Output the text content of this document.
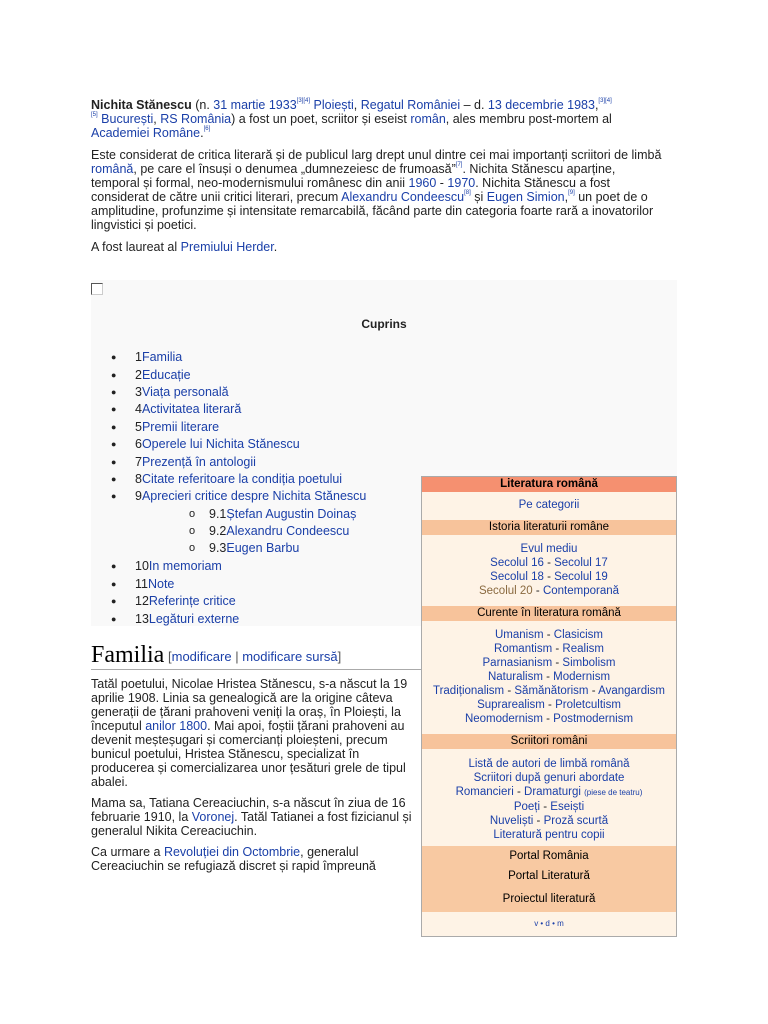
Nichita Stănescu (n. 31 martie 1933[3][4] Ploiești, Regatul României – d. 13 decembrie 1983,[3][4]
[5] București, RS România) a fost un poet, scriitor și eseist român, ales membru post-mortem al Academiei Române.[6]

Este considerat de critica literară și de publicul larg drept unul dintre cei mai importanți scriitori de limbă română, pe care el însuși o denumea „dumnezeiesc de frumoasă”[7]. Nichita Stănescu aparține, temporal și formal, neo-modernismului românesc din anii 1960 - 1970. Nichita Stănescu a fost considerat de către unii critici literari, precum Alexandru Condeescu[8] și Eugen Simion,[9] un poet de o amplitudine, profunzime și intensitate remarcabilă, făcând parte din categoria foarte rară a inovatorilor lingvistici și poetici.

A fost laureat al Premiului Herder.

Cuprins
● 1Familia
● 2Educație
● 3Viața personală
● 4Activitatea literară
● 5Premii literare
● 6Operele lui Nichita Stănescu
● 7Prezență în antologii
● 8Citate referitoare la condiția poetului
● 9Aprecieri critice despre Nichita Stănescu
● 10In memoriam
● 11Note
● 12Referințe critice
● 13Legături externe
o 9.1Ștefan Augustin Doinaș
o 9.2Alexandru Condeescu
o 9.3Eugen Barbu
Familia [modificare | modificare sursă]

Tatăl poetului, Nicolae Hristea Stănescu, s-a născut la 19 aprilie 1908. Linia sa genealogică are la origine câteva generații de țărani prahoveni veniți la oraș, în Ploiești, la începutul anilor 1800. Mai apoi, foștii țărani prahoveni au devenit meșteșugari și comercianți ploieșteni, precum bunicul poetului, Hristea Stănescu, specializat în producerea și comercializarea unor țesături grele de tipul abalei.

Mama sa, Tatiana Cereaciuchin, s-a născut în ziua de 16 februarie 1910, la Voronej. Tatăl Tatianei a fost fizicianul și generalul Nikita Cereaciuchin.

Ca urmare a Revoluției din Octombrie, generalul Cereaciuchin se refugiază discret și rapid împreună

Literatura română
Pe categorii
Istoria literaturii române
Evul mediu
Secolul 16 - Secolul 17
Secolul 18 - Secolul 19
Secolul 20 - Contemporană
Curente în literatura română
Umanism - Clasicism
Romantism - Realism
Parnasianism - Simbolism
Naturalism - Modernism
Tradiționalism - Sămănătorism - Avangardism
Suprarealism - Proletcultism
Neomodernism - Postmodernism
Scriitori români
Listă de autori de limbă română
Scriitori după genuri abordate
Romancieri - Dramaturgi (piese de teatru)
Poeți - Eseiști
Nuveliști - Proză scurtă
Literatură pentru copii
Portal România
Portal Literatură
Proiectul literatură
v • d • m
